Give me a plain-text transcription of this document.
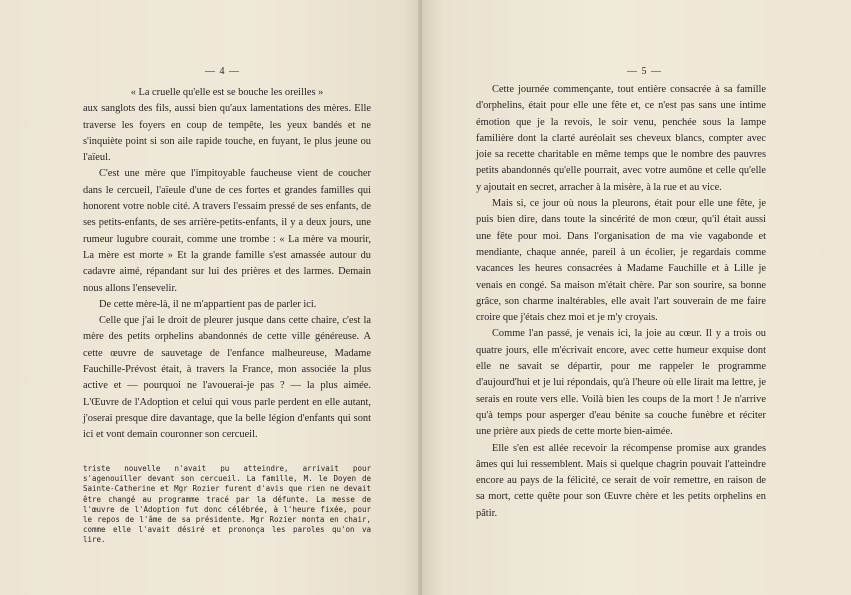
— 4 —

« La cruelle qu'elle est se bouche les oreilles »

aux sanglots des fils, aussi bien qu'aux lamentations des mères. Elle traverse les foyers en coup de tempête, les yeux bandés et ne s'inquiète point si son aile rapide touche, en fuyant, le plus jeune ou l'aïeul.

C'est une mère que l'impitoyable faucheuse vient de coucher dans le cercueil, l'aïeule d'une de ces fortes et grandes familles qui honorent votre noble cité. A travers l'essaim pressé de ses enfants, de ses petits-enfants, de ses arrière-petits-enfants, il y a deux jours, une rumeur lugubre courait, comme une trombe : « La mère va mourir, La mère est morte » Et la grande famille s'est amassée autour du cadavre aimé, répandant sur lui des prières et des larmes. Demain nous allons l'ensevelir.

De cette mère-là, il ne m'appartient pas de parler ici.

Celle que j'ai le droit de pleurer jusque dans cette chaire, c'est la mère des petits orphelins abandonnés de cette ville généreuse. A cette œuvre de sauvetage de l'enfance malheureuse, Madame Fauchille-Prévost était, à travers la France, mon associée la plus active et — pourquoi ne l'avouerai-je pas ? — la plus aimée. L'Œuvre de l'Adoption et celui qui vous parle perdent en elle autant, j'oserai presque dire davantage, que la belle légion d'enfants qui sont ici et vont demain couronner son cercueil.

triste nouvelle n'avait pu atteindre, arrivait pour s'agenouiller devant son cercueil. La famille, M. le Doyen de Sainte-Catherine et Mgr Rozier furent d'avis que rien ne devait être changé au programme tracé par la défunte. La messe de l'œuvre de l'Adoption fut donc célébrée, à l'heure fixée, pour le repos de l'âme de sa présidente. Mgr Rozier monta en chair, comme elle l'avait désiré et prononça les paroles qu'on va lire.

— 5 —

Cette journée commençante, tout entière consacrée à sa famille d'orphelins, était pour elle une fête et, ce n'est pas sans une intime émotion que je la revois, le soir venu, penchée sous la lampe familière dont la clarté auréolait ses cheveux blancs, compter avec joie sa recette charitable en même temps que le nombre des pauvres petits abandonnés qu'elle pourrait, avec votre aumône et celle qu'elle y ajoutait en secret, arracher à la misère, à la rue et au vice.

Mais si, ce jour où nous la pleurons, était pour elle une fête, je puis bien dire, dans toute la sincérité de mon cœur, qu'il était aussi une fête pour moi. Dans l'organisation de ma vie vagabonde et mendiante, chaque année, pareil à un écolier, je regardais comme vacances les heures consacrées à Madame Fauchille et à Lille je venais en congé. Sa maison m'était chère. Par son sourire, sa bonne grâce, son charme inaltérables, elle avait l'art souverain de me faire croire que j'étais chez moi et je m'y croyais.

Comme l'an passé, je venais ici, la joie au cœur. Il y a trois ou quatre jours, elle m'écrivait encore, avec cette humeur exquise dont elle ne savait se départir, pour me rappeler le programme d'aujourd'hui et je lui répondais, qu'à l'heure où elle lirait ma lettre, je serais en route vers elle. Voilà bien les coups de la mort ! Je n'arrive qu'à temps pour asperger d'eau bénite sa couche funèbre et réciter une prière aux pieds de cette morte bien-aimée.

Elle s'en est allée recevoir la récompense promise aux grandes âmes qui lui ressemblent. Mais si quelque chagrin pouvait l'atteindre encore au pays de la félicité, ce serait de voir remettre, en raison de sa mort, cette quête pour son Œuvre chère et les petits orphelins en pâtir.
